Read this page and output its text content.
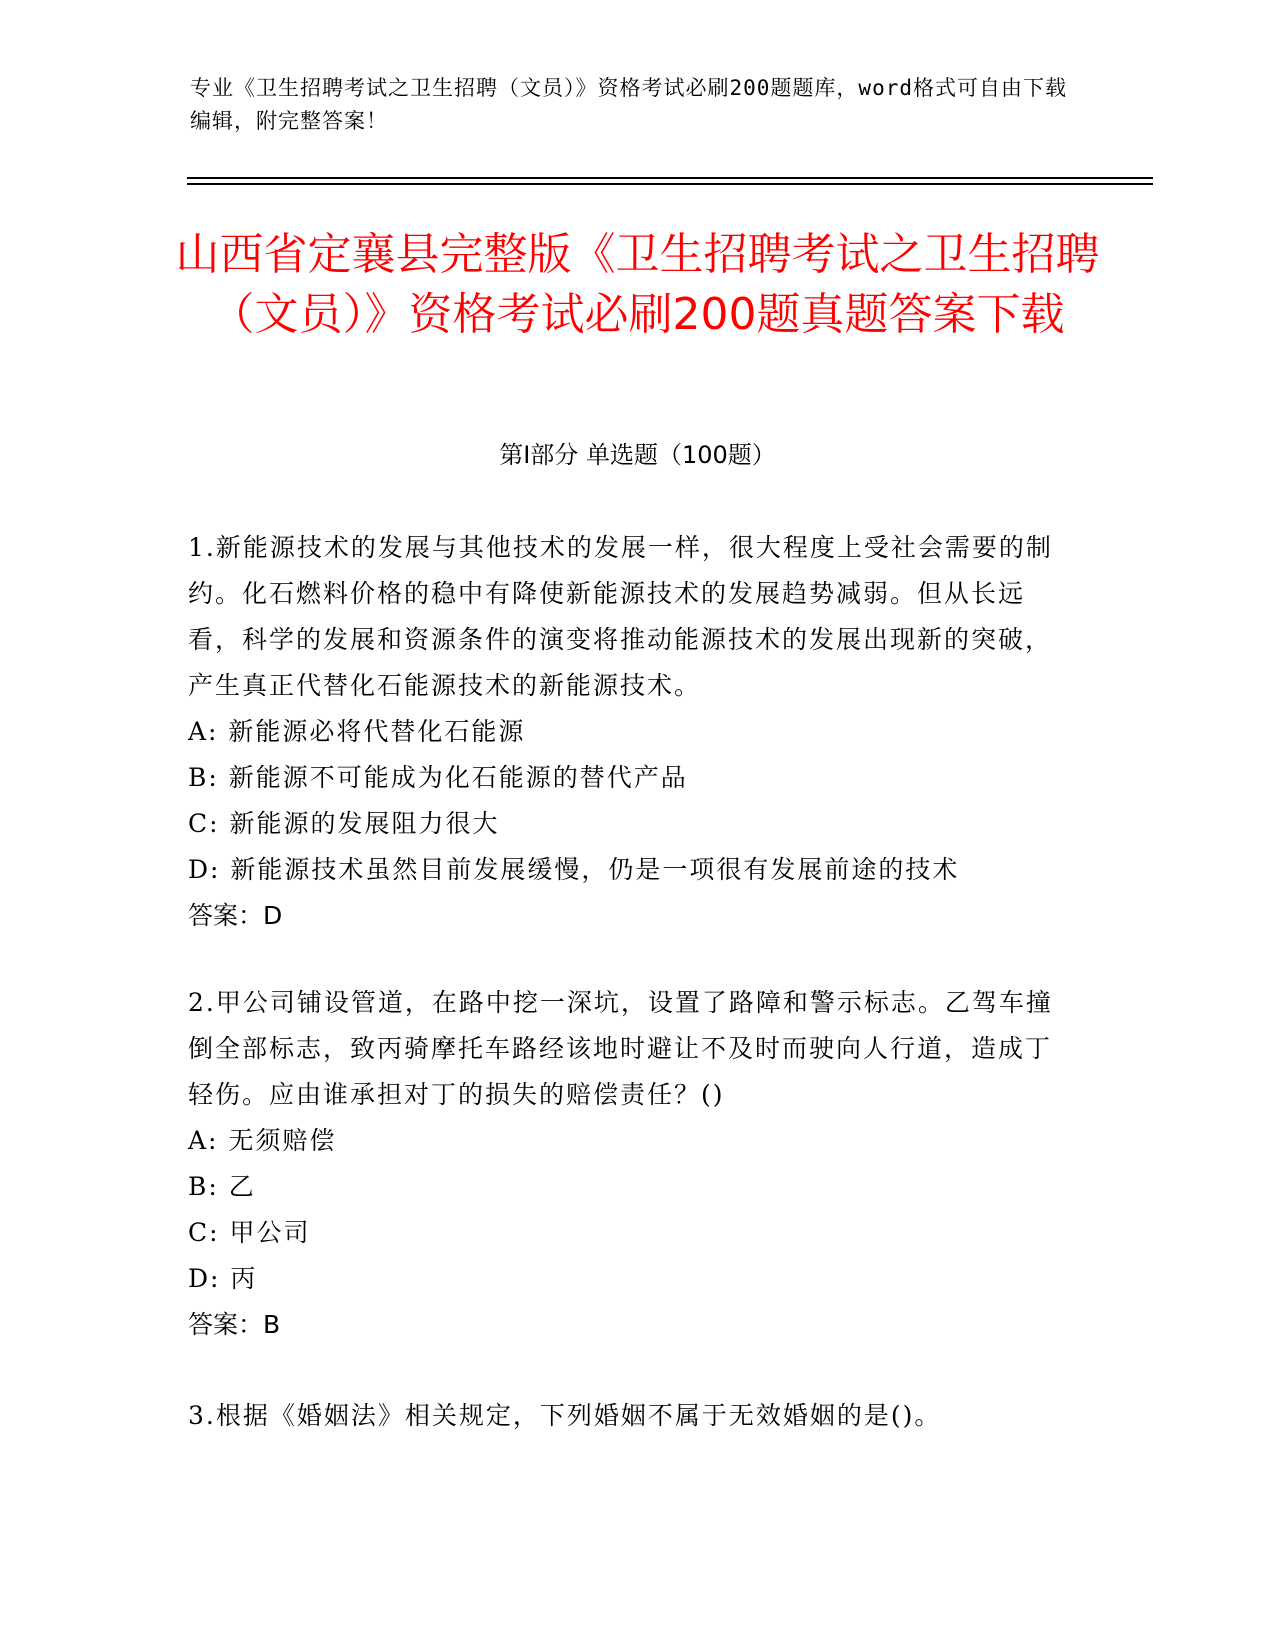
专业《卫生招聘考试之卫生招聘（文员）》资格考试必刷200题题库，word格式可自由下载编辑，附完整答案！
山西省定襄县完整版《卫生招聘考试之卫生招聘（文员）》资格考试必刷200题真题答案下载
第Ⅰ部分 单选题（100题）

1.新能源技术的发展与其他技术的发展一样，很大程度上受社会需要的制约。化石燃料价格的稳中有降使新能源技术的发展趋势减弱。但从长远看，科学的发展和资源条件的演变将推动能源技术的发展出现新的突破，产生真正代替化石能源技术的新能源技术。

A: 新能源必将代替化石能源

B: 新能源不可能成为化石能源的替代产品

C: 新能源的发展阻力很大

D: 新能源技术虽然目前发展缓慢，仍是一项很有发展前途的技术

答案：D

2.甲公司铺设管道，在路中挖一深坑，设置了路障和警示标志。乙驾车撞倒全部标志，致丙骑摩托车路经该地时避让不及时而驶向人行道，造成丁轻伤。应由谁承担对丁的损失的赔偿责任？()

A: 无须赔偿

B: 乙

C: 甲公司

D: 丙

答案：B

3.根据《婚姻法》相关规定，下列婚姻不属于无效婚姻的是()。
